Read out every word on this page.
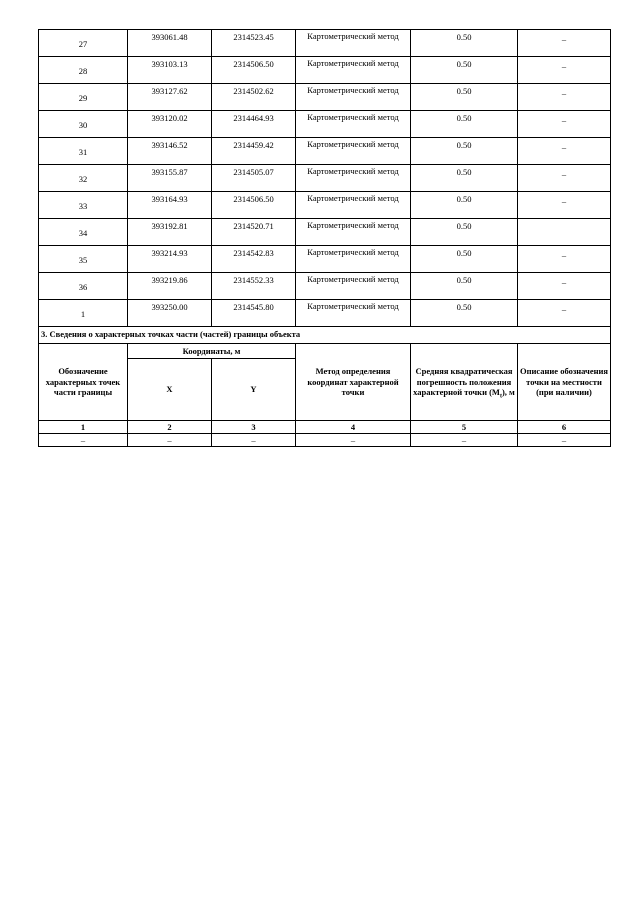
27	393061.48	2314523.45	Картометрический метод	0.50	–
28	393103.13	2314506.50	Картометрический метод	0.50	–
29	393127.62	2314502.62	Картометрический метод	0.50	–
30	393120.02	2314464.93	Картометрический метод	0.50	–
31	393146.52	2314459.42	Картометрический метод	0.50	–
32	393155.87	2314505.07	Картометрический метод	0.50	–
33	393164.93	2314506.50	Картометрический метод	0.50	–
34	393192.81	2314520.71	Картометрический метод	0.50	
35	393214.93	2314542.83	Картометрический метод	0.50	–
36	393219.86	2314552.33	Картометрический метод	0.50	–
1	393250.00	2314545.80	Картометрический метод	0.50	–
3. Сведения о характерных точках части (частей) границы объекта					
Обозначение характерных точек части границы	Координаты, м		Метод определения координат характерной точки	Средняя квадратическая погрешность положения характерной точки $(M_t)$, м	Описание обозначения точки на местности (при наличии)
	X	Y			
1	2	3	4	5	6
–	–	–	–	–	–
